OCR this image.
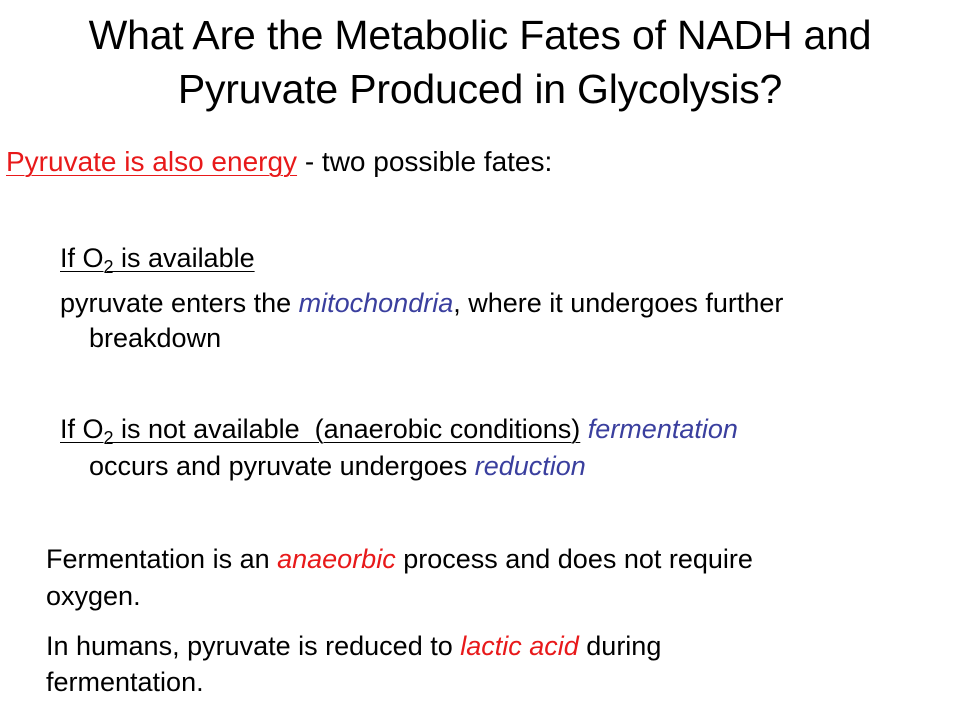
What Are the Metabolic Fates of NADH and
Pyruvate Produced in Glycolysis?
Pyruvate is also energy - two possible fates:
If $O_2$ is available
pyruvate enters the mitochondria, where it undergoes further
breakdown
If $O_2$ is not available  (anaerobic conditions) fermentation
occurs and pyruvate undergoes reduction
Fermentation is an anaeorbic process and does not require
oxygen.
In humans, pyruvate is reduced to lactic acid during
fermentation.
